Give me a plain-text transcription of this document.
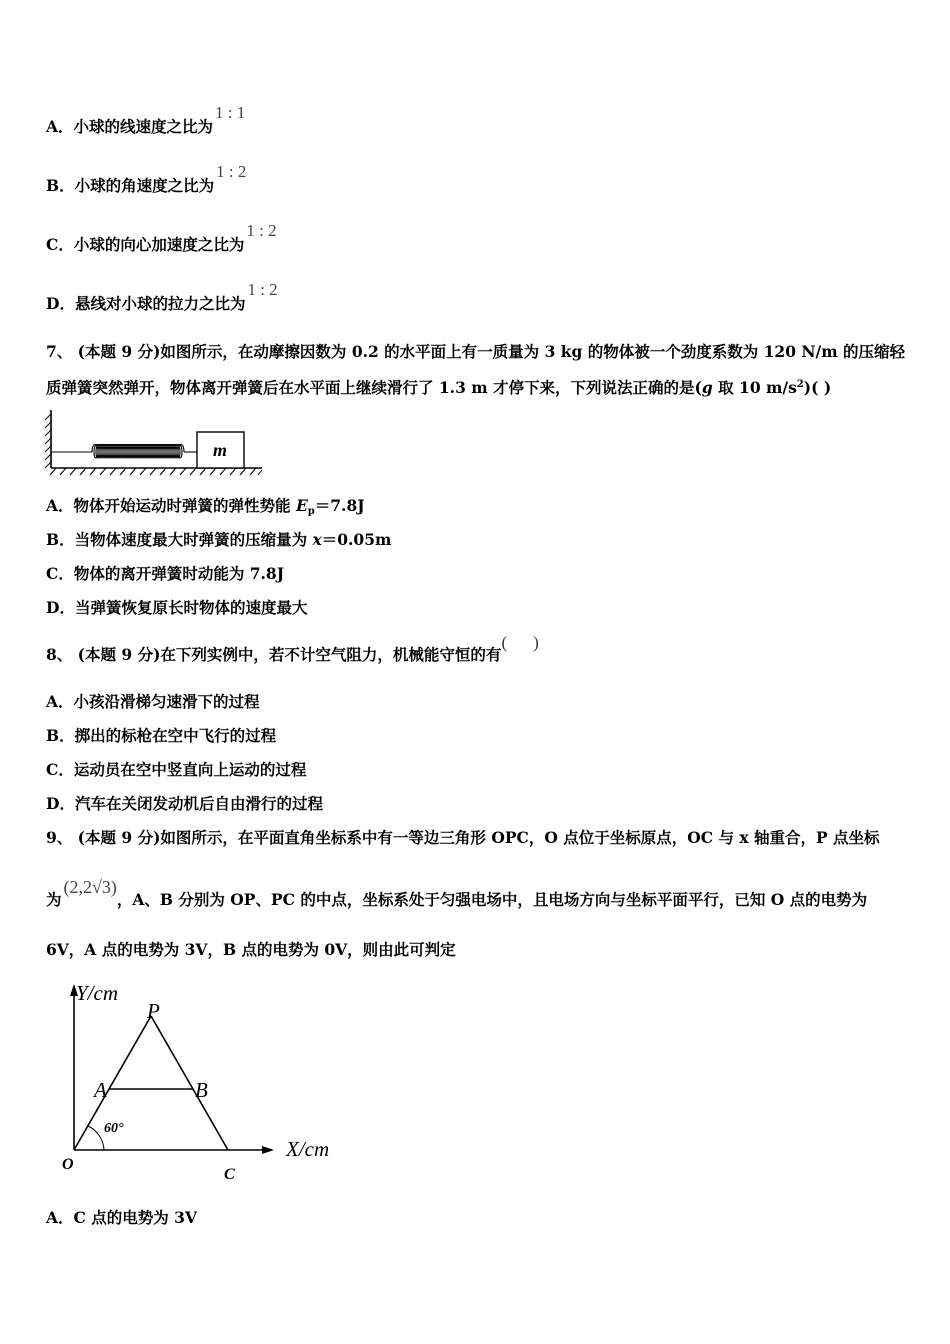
A．小球的线速度之比为1 : 1
B．小球的角速度之比为1 : 2
C．小球的向心加速度之比为1 : 2
D．悬线对小球的拉力之比为1 : 2
7、 (本题 9 分)如图所示，在动摩擦因数为 0.2 的水平面上有一质量为 3 kg 的物体被一个劲度系数为 120 N/m 的压缩轻
质弹簧突然弹开，物体离开弹簧后在水平面上继续滑行了 1.3 m 才停下来，下列说法正确的是(g 取 10 $m/s^2$)( )
m
A．物体开始运动时弹簧的弹性势能 $E_p=7.8J$
B．当物体速度最大时弹簧的压缩量为 x＝0.05m
C．物体的离开弹簧时动能为 7.8J
D．当弹簧恢复原长时物体的速度最大
8、 (本题 9 分)在下列实例中，若不计空气阻力，机械能守恒的有()
A．小孩沿滑梯匀速滑下的过程
B．掷出的标枪在空中飞行的过程
C．运动员在空中竖直向上运动的过程
D．汽车在关闭发动机后自由滑行的过程
9、 (本题 9 分)如图所示，在平面直角坐标系中有一等边三角形 OPC，O 点位于坐标原点，OC 与 x 轴重合，P 点坐标
为(2,2√3)，A、B 分别为 OP、PC 的中点，坐标系处于匀强电场中，且电场方向与坐标平面平行，已知 O 点的电势为
6V，A 点的电势为 3V，B 点的电势为 0V，则由此可判定
Y/cm
X/cm
P
A	B
O
C
60°
A．C 点的电势为 3V
